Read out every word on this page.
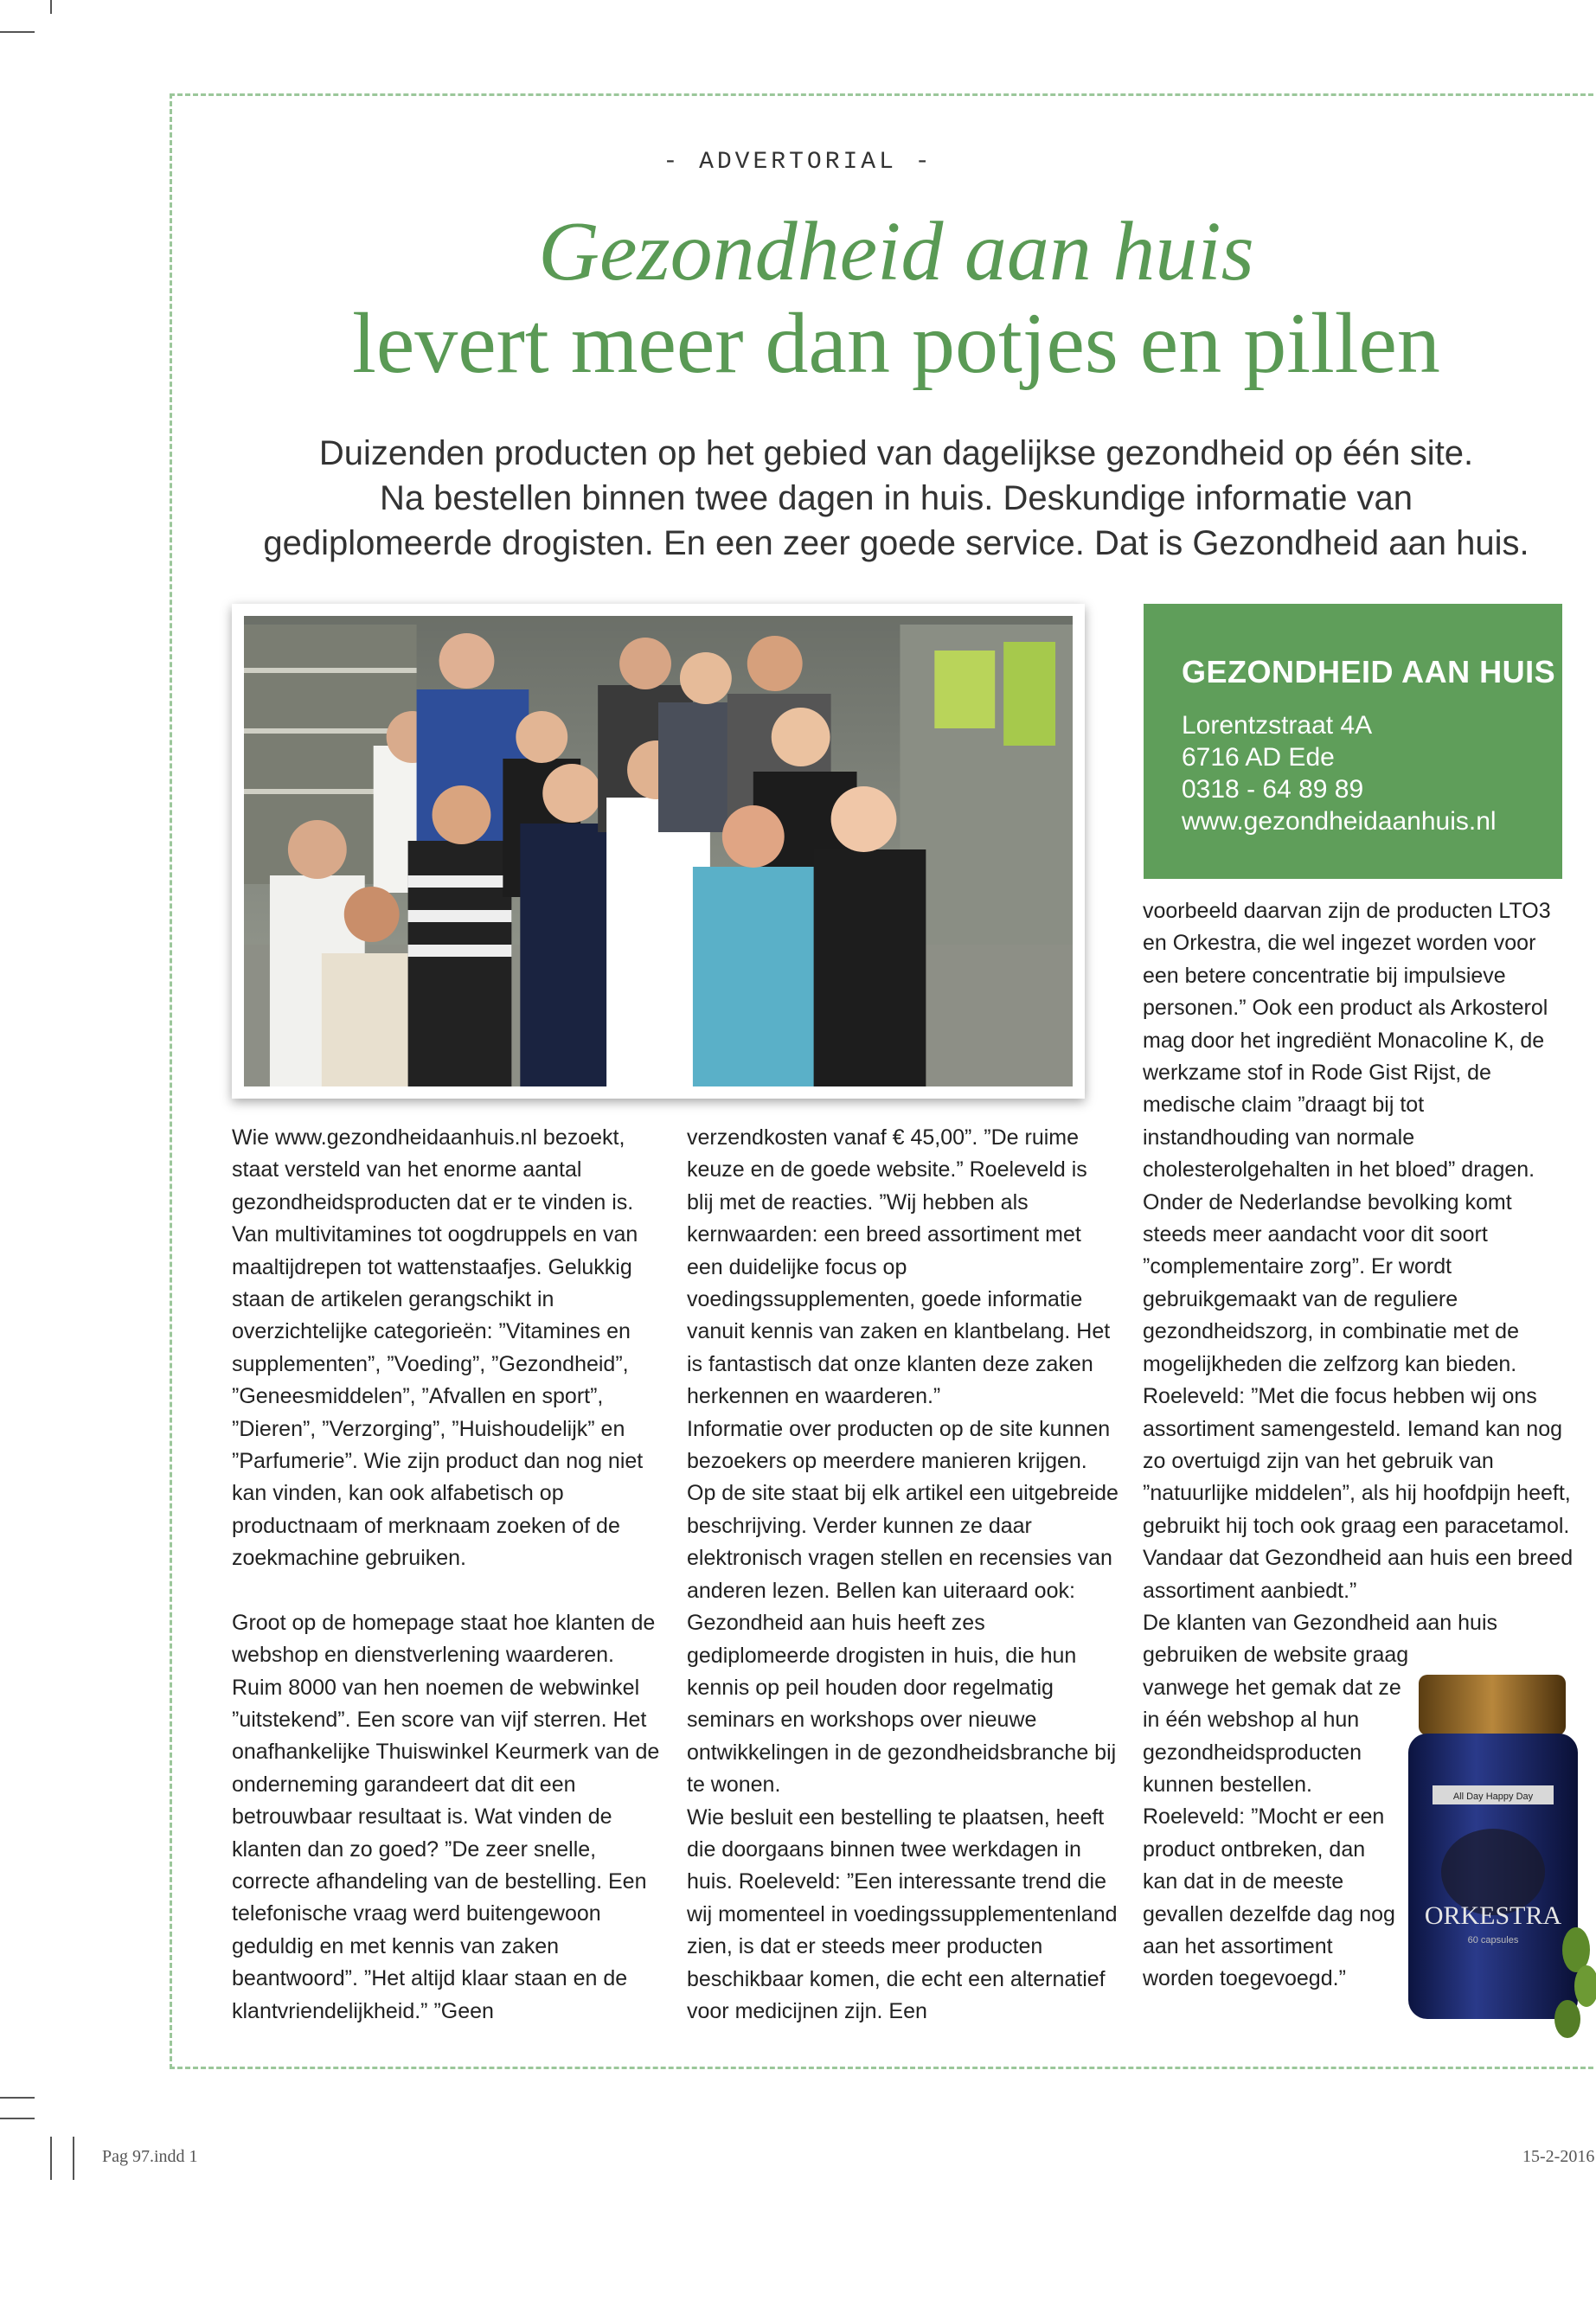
- ADVERTORIAL -
Gezondheid aan huis
levert meer dan potjes en pillen
Duizenden producten op het gebied van dagelijkse gezondheid op één site.
Na bestellen binnen twee dagen in huis. Deskundige informatie van
gediplomeerde drogisten. En een zeer goede service. Dat is Gezondheid aan huis.
GEZONDHEID AAN HUIS
Lorentzstraat 4A
6716 AD Ede
0318 - 64 89 89
www.gezondheidaanhuis.nl

Wie www.gezondheidaanhuis.nl bezoekt, staat versteld van het enorme aantal gezondheidsproducten dat er te vinden is. Van multivitamines tot oogdruppels en van maaltijdrepen tot wattenstaafjes. Gelukkig staan de artikelen gerangschikt in overzichtelijke categorieën: ”Vitamines en supplementen”, ”Voeding”, ”Gezondheid”, ”Geneesmiddelen”, ”Afvallen en sport”, ”Dieren”, ”Verzorging”, ”Huishoudelijk” en ”Parfumerie”. Wie zijn product dan nog niet kan vinden, kan ook alfabetisch op productnaam of merknaam zoeken of de zoekmachine gebruiken.

Groot op de homepage staat hoe klanten de webshop en dienstverlening waarderen. Ruim 8000 van hen noemen de webwinkel ”uitstekend”. Een score van vijf sterren. Het onafhankelijke Thuiswinkel Keurmerk van de onderneming garandeert dat dit een betrouwbaar resultaat is. Wat vinden de klanten dan zo goed? ”De zeer snelle, correcte afhandeling van de bestelling. Een telefonische vraag werd buitengewoon geduldig en met kennis van zaken beantwoord”. ”Het altijd klaar staan en de klantvriendelijkheid.” ”Geen

verzendkosten vanaf € 45,00”. ”De ruime keuze en de goede website.” Roeleveld is blij met de reacties. ”Wij hebben als kernwaarden: een breed assortiment met een duidelijke focus op voedingssupplementen, goede informatie vanuit kennis van zaken en klantbelang. Het is fantastisch dat onze klanten deze zaken herkennen en waarderen.”

Informatie over producten op de site kunnen bezoekers op meerdere manieren krijgen. Op de site staat bij elk artikel een uitgebreide beschrijving. Verder kunnen ze daar elektronisch vragen stellen en recensies van anderen lezen. Bellen kan uiteraard ook: Gezondheid aan huis heeft zes gediplomeerde drogisten in huis, die hun kennis op peil houden door regelmatig seminars en workshops over nieuwe ontwikkelingen in de gezondheidsbranche bij te wonen.

Wie besluit een bestelling te plaatsen, heeft die doorgaans binnen twee werkdagen in huis. Roeleveld: ”Een interessante trend die wij momenteel in voedingssupplementenland zien, is dat er steeds meer producten beschikbaar komen, die echt een alternatief voor medicijnen zijn. Een

voorbeeld daarvan zijn de producten LTO3 en Orkestra, die wel ingezet worden voor een betere concentratie bij impulsieve personen.” Ook een product als Arkosterol mag door het ingrediënt Monacoline K, de werkzame stof in Rode Gist Rijst, de medische claim ”draagt bij tot instandhouding van normale cholesterolgehalten in het bloed” dragen.

Onder de Nederlandse bevolking komt steeds meer aandacht voor dit soort ”complementaire zorg”. Er wordt gebruikgemaakt van de reguliere gezondheidszorg, in combinatie met de mogelijkheden die zelfzorg kan bieden. Roeleveld: ”Met die focus hebben wij ons assortiment samengesteld. Iemand kan nog zo overtuigd zijn van het gebruik van ”natuurlijke middelen”, als hij hoofdpijn heeft, gebruikt hij toch ook graag een paracetamol. Vandaar dat Gezondheid aan huis een breed assortiment aanbiedt.”

De klanten van Gezondheid aan huis gebruiken de website graag

vanwege het gemak dat ze in één webshop al hun gezondheidsproducten kunnen bestellen. Roeleveld: ”Mocht er een product ontbreken, dan kan dat in de meeste gevallen dezelfde dag nog aan het assortiment worden toegevoegd.”

All Day Happy Day
ORKESTRA
60 capsules
Pag 97.indd 1	15-2-2016
